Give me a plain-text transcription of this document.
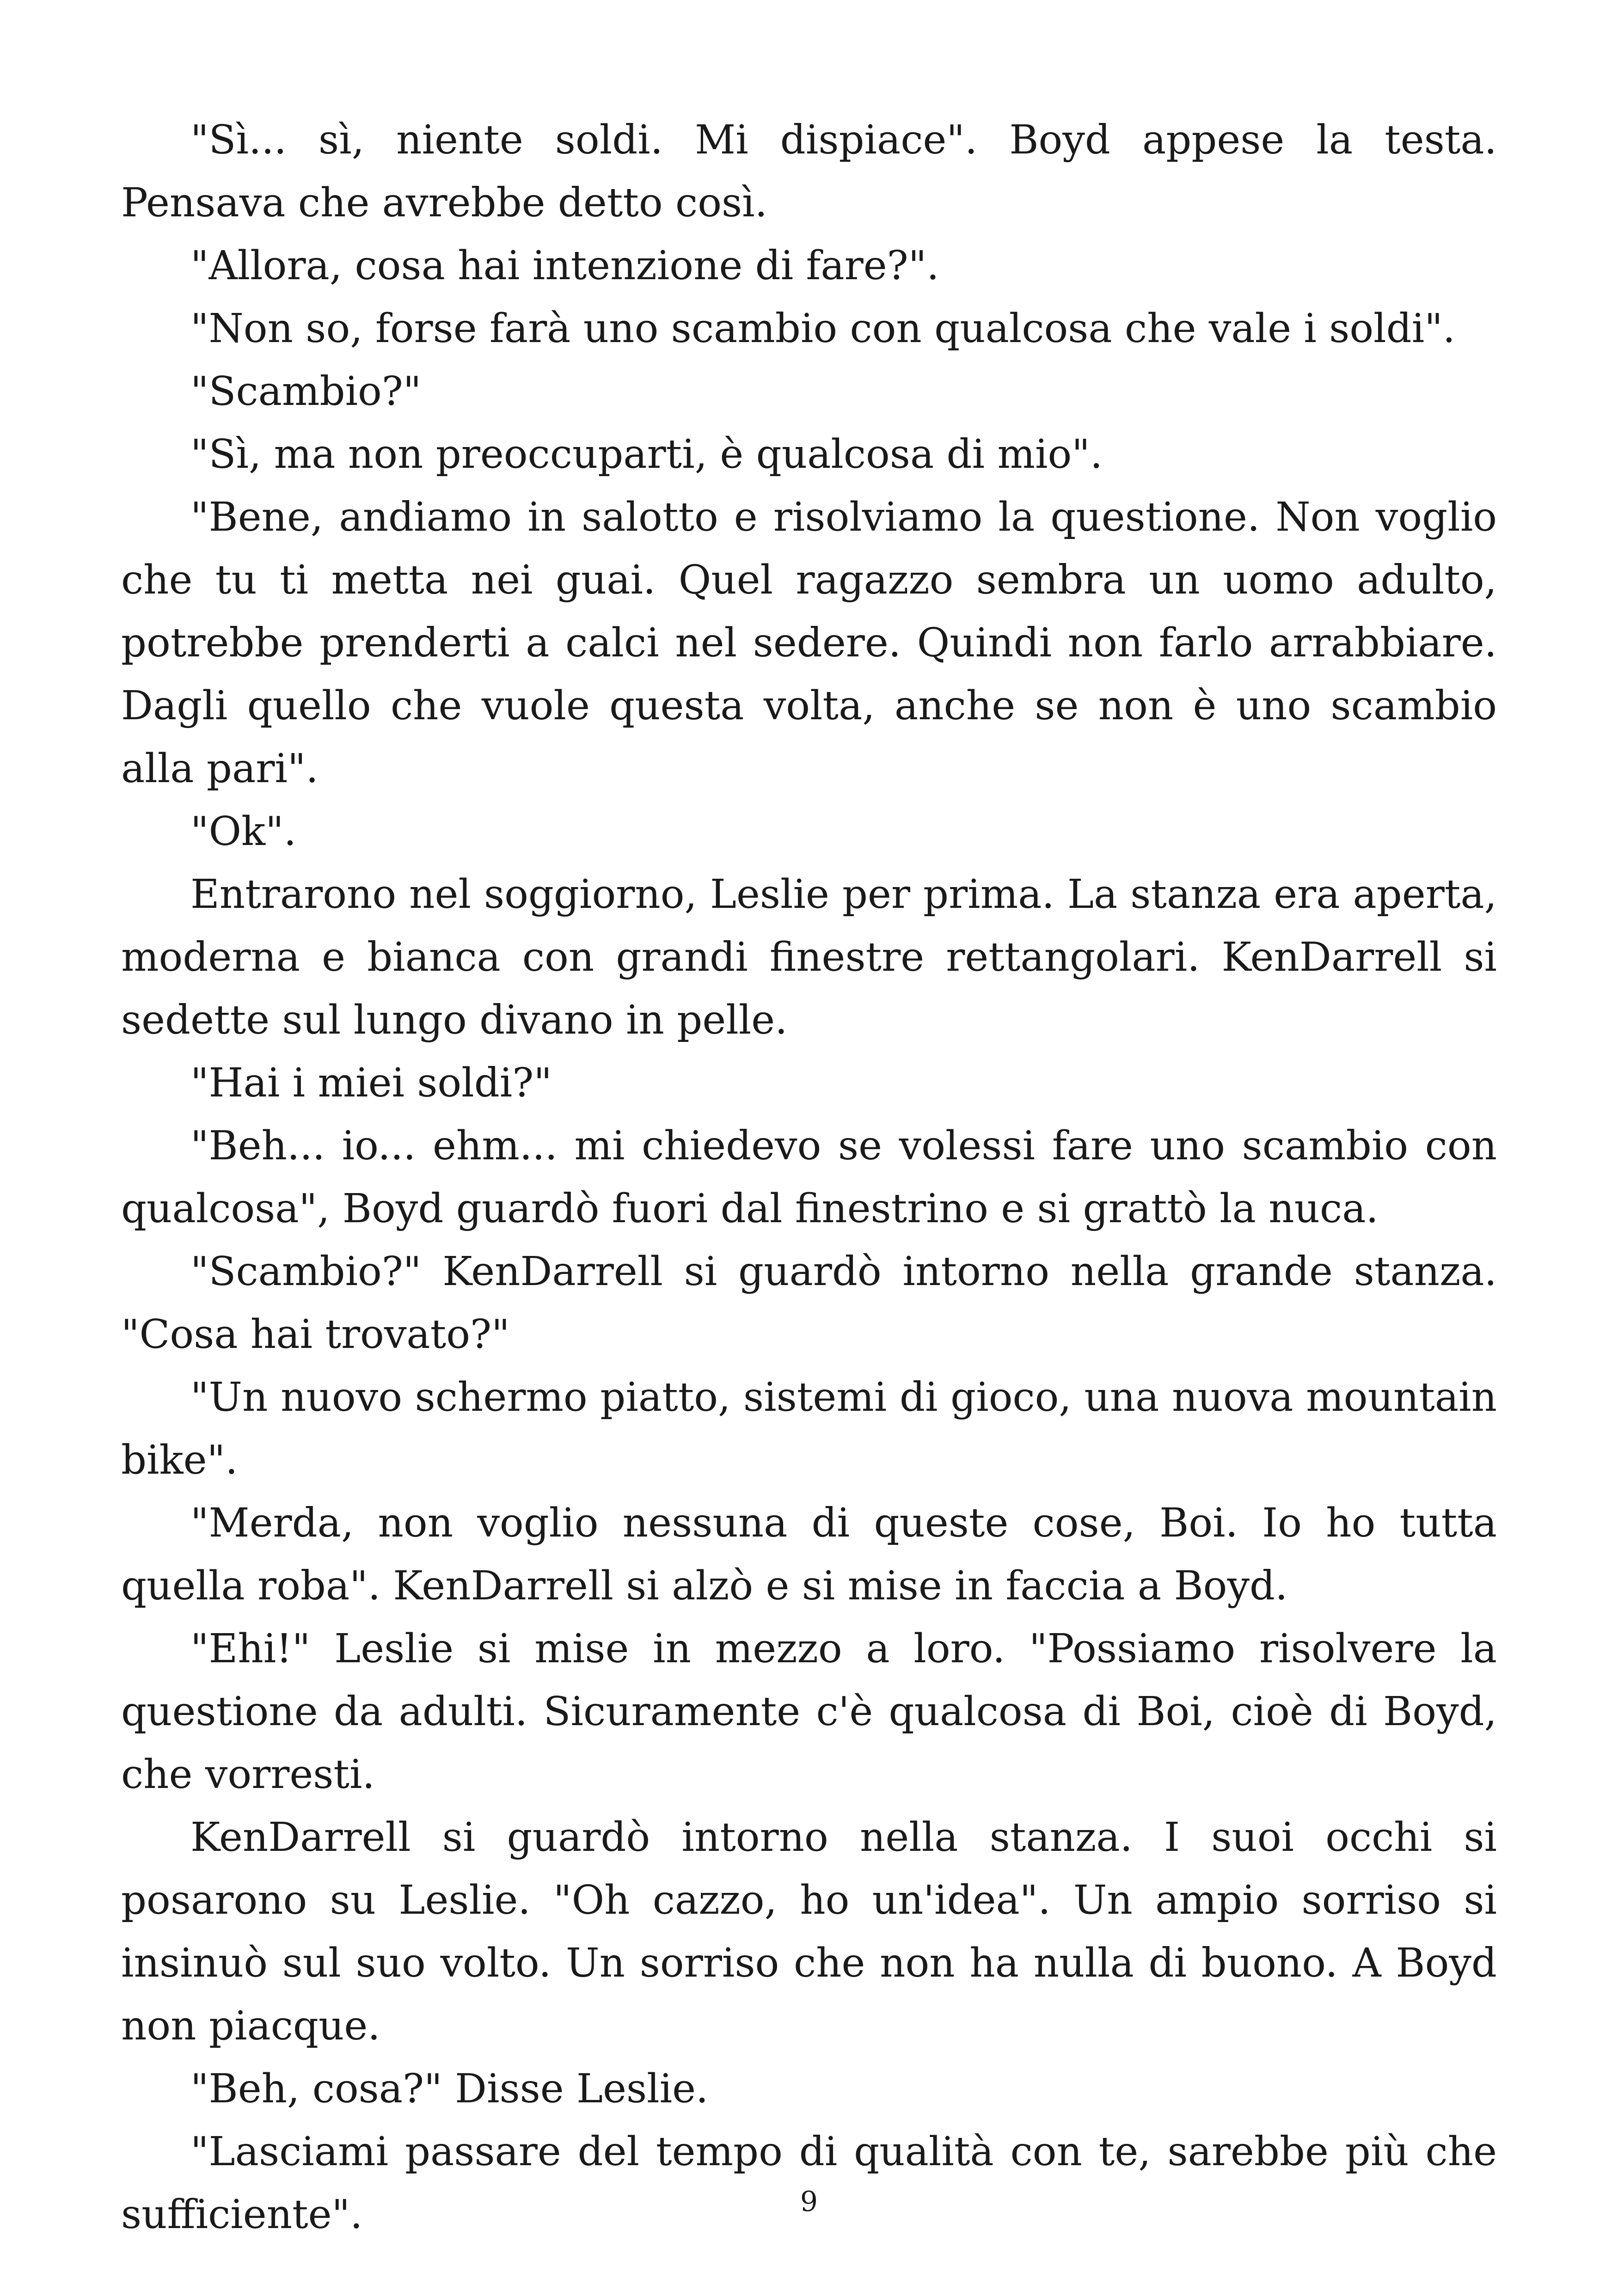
"Sì... sì, niente soldi. Mi dispiace". Boyd appese la testa. Pensava che avrebbe detto così.

"Allora, cosa hai intenzione di fare?".

"Non so, forse farà uno scambio con qualcosa che vale i soldi".

"Scambio?"

"Sì, ma non preoccuparti, è qualcosa di mio".

"Bene, andiamo in salotto e risolviamo la questione. Non voglio che tu ti metta nei guai. Quel ragazzo sembra un uomo adulto, potrebbe prenderti a calci nel sedere. Quindi non farlo arrabbiare. Dagli quello che vuole questa volta, anche se non è uno scambio alla pari".

"Ok".

Entrarono nel soggiorno, Leslie per prima. La stanza era aperta, moderna e bianca con grandi finestre rettangolari. KenDarrell si sedette sul lungo divano in pelle.

"Hai i miei soldi?"

"Beh... io... ehm... mi chiedevo se volessi fare uno scambio con qualcosa", Boyd guardò fuori dal finestrino e si grattò la nuca.

"Scambio?" KenDarrell si guardò intorno nella grande stanza. "Cosa hai trovato?"

"Un nuovo schermo piatto, sistemi di gioco, una nuova mountain bike".

"Merda, non voglio nessuna di queste cose, Boi. Io ho tutta quella roba". KenDarrell si alzò e si mise in faccia a Boyd.

"Ehi!" Leslie si mise in mezzo a loro. "Possiamo risolvere la questione da adulti. Sicuramente c'è qualcosa di Boi, cioè di Boyd, che vorresti.

KenDarrell si guardò intorno nella stanza. I suoi occhi si posarono su Leslie. "Oh cazzo, ho un'idea". Un ampio sorriso si insinuò sul suo volto. Un sorriso che non ha nulla di buono. A Boyd non piacque.

"Beh, cosa?" Disse Leslie.

"Lasciami passare del tempo di qualità con te, sarebbe più che sufficiente".	9
